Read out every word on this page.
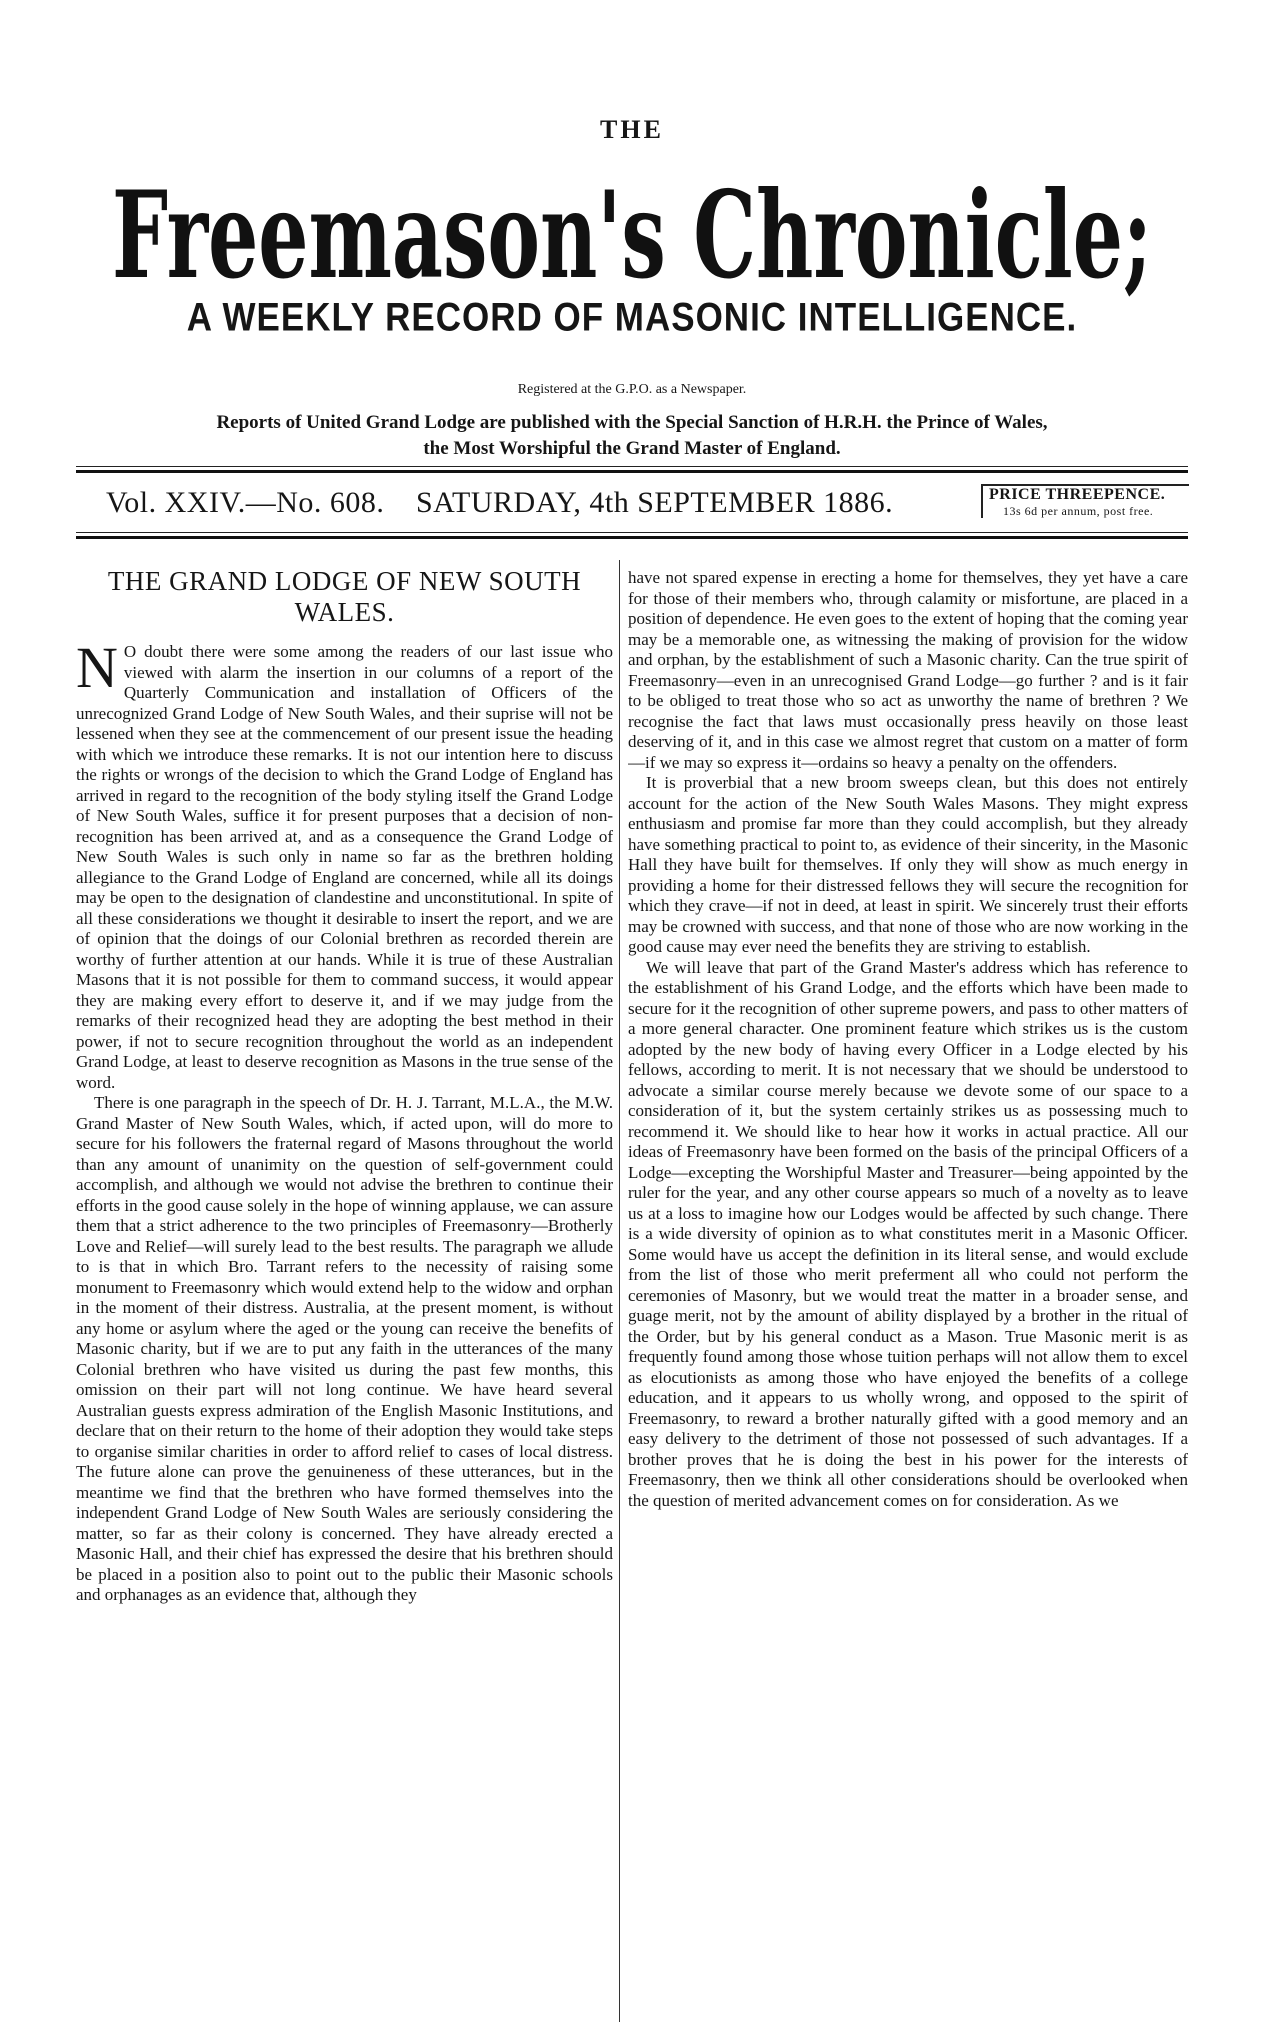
THE
Freemason's Chronicle;
A WEEKLY RECORD OF MASONIC INTELLIGENCE.
Registered at the G.P.O. as a Newspaper.
Reports of United Grand Lodge are published with the Special Sanction of H.R.H. the Prince of Wales,
the Most Worshipful the Grand Master of England.
Vol. XXIV.—No. 608. SATURDAY, 4th SEPTEMBER 1886.	PRICE THREEPENCE.
13s 6d per annum, post free.
THE GRAND LODGE OF NEW SOUTH WALES.

N O doubt there were some among the readers of our last issue who viewed with alarm the insertion in our columns of a report of the Quarterly Communication and installation of Officers of the unrecognized Grand Lodge of New South Wales, and their suprise will not be lessened when they see at the commencement of our present issue the heading with which we introduce these remarks. It is not our intention here to discuss the rights or wrongs of the decision to which the Grand Lodge of England has arrived in regard to the recognition of the body styling itself the Grand Lodge of New South Wales, suffice it for present purposes that a decision of non-recognition has been arrived at, and as a consequence the Grand Lodge of New South Wales is such only in name so far as the brethren holding allegiance to the Grand Lodge of England are concerned, while all its doings may be open to the designation of clandestine and unconstitutional. In spite of all these considerations we thought it desirable to insert the report, and we are of opinion that the doings of our Colonial brethren as recorded therein are worthy of further attention at our hands. While it is true of these Australian Masons that it is not possible for them to command success, it would appear they are making every effort to deserve it, and if we may judge from the remarks of their recognized head they are adopting the best method in their power, if not to secure recognition throughout the world as an independent Grand Lodge, at least to deserve recognition as Masons in the true sense of the word.

There is one paragraph in the speech of Dr. H. J. Tarrant, M.L.A., the M.W. Grand Master of New South Wales, which, if acted upon, will do more to secure for his followers the fraternal regard of Masons throughout the world than any amount of unanimity on the question of self-government could accomplish, and although we would not advise the brethren to continue their efforts in the good cause solely in the hope of winning applause, we can assure them that a strict adherence to the two principles of Freemasonry—Brotherly Love and Relief—will surely lead to the best results. The paragraph we allude to is that in which Bro. Tarrant refers to the necessity of raising some monument to Freemasonry which would extend help to the widow and orphan in the moment of their distress. Australia, at the present moment, is without any home or asylum where the aged or the young can receive the benefits of Masonic charity, but if we are to put any faith in the utterances of the many Colonial brethren who have visited us during the past few months, this omission on their part will not long continue. We have heard several Australian guests express admiration of the English Masonic Institutions, and declare that on their return to the home of their adoption they would take steps to organise similar charities in order to afford relief to cases of local distress. The future alone can prove the genuineness of these utterances, but in the meantime we find that the brethren who have formed themselves into the independent Grand Lodge of New South Wales are seriously considering the matter, so far as their colony is concerned. They have already erected a Masonic Hall, and their chief has expressed the desire that his brethren should be placed in a position also to point out to the public their Masonic schools and orphanages as an evidence that, although they

have not spared expense in erecting a home for themselves, they yet have a care for those of their members who, through calamity or misfortune, are placed in a position of dependence. He even goes to the extent of hoping that the coming year may be a memorable one, as witnessing the making of provision for the widow and orphan, by the establishment of such a Masonic charity. Can the true spirit of Freemasonry—even in an unrecognised Grand Lodge—go further ? and is it fair to be obliged to treat those who so act as unworthy the name of brethren ? We recognise the fact that laws must occasionally press heavily on those least deserving of it, and in this case we almost regret that custom on a matter of form—if we may so express it—ordains so heavy a penalty on the offenders.

It is proverbial that a new broom sweeps clean, but this does not entirely account for the action of the New South Wales Masons. They might express enthusiasm and promise far more than they could accomplish, but they already have something practical to point to, as evidence of their sincerity, in the Masonic Hall they have built for themselves. If only they will show as much energy in providing a home for their distressed fellows they will secure the recognition for which they crave—if not in deed, at least in spirit. We sincerely trust their efforts may be crowned with success, and that none of those who are now working in the good cause may ever need the benefits they are striving to establish.

We will leave that part of the Grand Master's address which has reference to the establishment of his Grand Lodge, and the efforts which have been made to secure for it the recognition of other supreme powers, and pass to other matters of a more general character. One prominent feature which strikes us is the custom adopted by the new body of having every Officer in a Lodge elected by his fellows, according to merit. It is not necessary that we should be understood to advocate a similar course merely because we devote some of our space to a consideration of it, but the system certainly strikes us as possessing much to recommend it. We should like to hear how it works in actual practice. All our ideas of Freemasonry have been formed on the basis of the principal Officers of a Lodge—excepting the Worshipful Master and Treasurer—being appointed by the ruler for the year, and any other course appears so much of a novelty as to leave us at a loss to imagine how our Lodges would be affected by such change. There is a wide diversity of opinion as to what constitutes merit in a Masonic Officer. Some would have us accept the definition in its literal sense, and would exclude from the list of those who merit preferment all who could not perform the ceremonies of Masonry, but we would treat the matter in a broader sense, and guage merit, not by the amount of ability displayed by a brother in the ritual of the Order, but by his general conduct as a Mason. True Masonic merit is as frequently found among those whose tuition perhaps will not allow them to excel as elocutionists as among those who have enjoyed the benefits of a college education, and it appears to us wholly wrong, and opposed to the spirit of Freemasonry, to reward a brother naturally gifted with a good memory and an easy delivery to the detriment of those not possessed of such advantages. If a brother proves that he is doing the best in his power for the interests of Freemasonry, then we think all other considerations should be overlooked when the question of merited advancement comes on for consideration. As we
